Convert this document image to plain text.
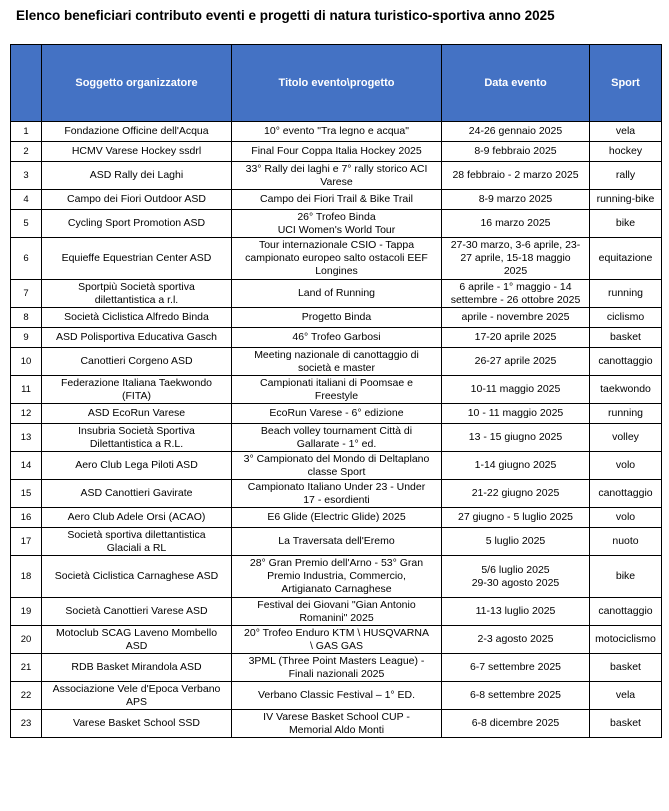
Elenco beneficiari contributo eventi e progetti di natura turistico-sportiva anno 2025
	Soggetto organizzatore	Titolo evento\progetto	Data evento	Sport
1	Fondazione Officine dell'Acqua	10° evento "Tra legno e acqua"	24-26 gennaio 2025	vela
2	HCMV Varese Hockey ssdrl	Final Four Coppa Italia Hockey 2025	8-9 febbraio 2025	hockey
3	ASD Rally dei Laghi	33° Rally dei laghi e 7° rally storico ACI
Varese	28 febbraio - 2 marzo 2025	rally
4	Campo dei Fiori Outdoor ASD	Campo dei Fiori Trail & Bike Trail	8-9 marzo 2025	running-bike
5	Cycling Sport Promotion ASD	26° Trofeo Binda
UCI Women's World Tour	16 marzo 2025	bike
6	Equieffe Equestrian Center ASD	Tour internazionale CSIO - Tappa
campionato europeo salto ostacoli EEF
Longines	27-30 marzo, 3-6 aprile, 23-
27 aprile, 15-18 maggio
2025	equitazione
7	Sportpiù Società sportiva
dilettantistica a r.l.	Land of Running	6 aprile - 1° maggio - 14
settembre - 26 ottobre 2025	running
8	Società Ciclistica Alfredo Binda	Progetto Binda	aprile - novembre 2025	ciclismo
9	ASD Polisportiva Educativa Gasch	46° Trofeo Garbosi	17-20 aprile 2025	basket
10	Canottieri Corgeno ASD	Meeting nazionale di canottaggio di
società e master	26-27 aprile 2025	canottaggio
11	Federazione Italiana Taekwondo
(FITA)	Campionati italiani di Poomsae e
Freestyle	10-11 maggio 2025	taekwondo
12	ASD EcoRun Varese	EcoRun Varese - 6° edizione	10 - 11 maggio 2025	running
13	Insubria Società Sportiva
Dilettantistica a R.L.	Beach volley tournament Città di
Gallarate - 1° ed.	13 - 15 giugno 2025	volley
14	Aero Club Lega Piloti ASD	3° Campionato del Mondo di Deltaplano
classe Sport	1-14 giugno 2025	volo
15	ASD Canottieri Gavirate	Campionato Italiano Under 23 - Under
17 - esordienti	21-22 giugno 2025	canottaggio
16	Aero Club Adele Orsi (ACAO)	E6 Glide (Electric Glide) 2025	27 giugno - 5 luglio 2025	volo
17	Società sportiva dilettantistica
Glaciali a RL	La Traversata dell'Eremo	5 luglio 2025	nuoto
18	Società Ciclistica Carnaghese ASD	28° Gran Premio dell'Arno - 53° Gran
Premio Industria, Commercio,
Artigianato Carnaghese	5/6 luglio 2025
29-30 agosto 2025	bike
19	Società Canottieri Varese ASD	Festival dei Giovani "Gian Antonio
Romanini" 2025	11-13 luglio 2025	canottaggio
20	Motoclub SCAG Laveno Mombello
ASD	20° Trofeo Enduro KTM \ HUSQVARNA
\ GAS GAS	2-3 agosto 2025	motociclismo
21	RDB Basket Mirandola ASD	3PML (Three Point Masters League) -
Finali nazionali 2025	6-7 settembre 2025	basket
22	Associazione Vele d'Epoca Verbano
APS	Verbano Classic Festival – 1° ED.	6-8 settembre 2025	vela
23	Varese Basket School SSD	IV Varese Basket School CUP -
Memorial Aldo Monti	6-8 dicembre 2025	basket
